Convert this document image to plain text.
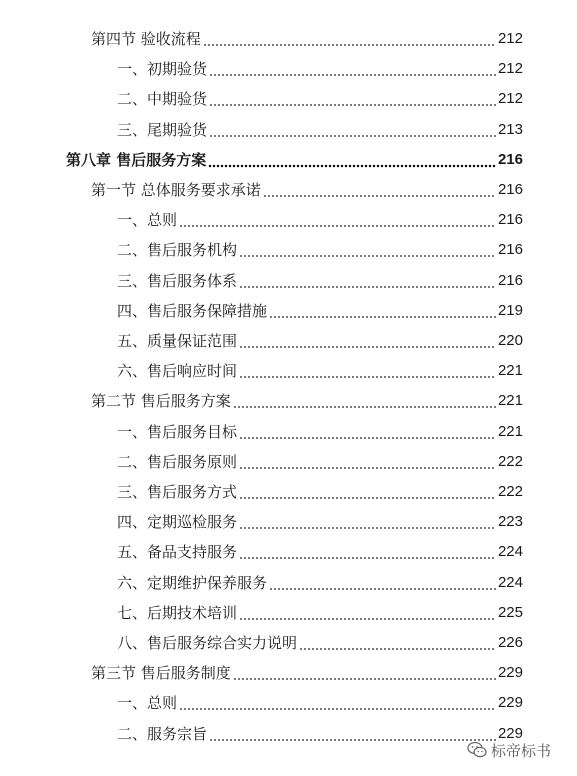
第四节 验收流程	212
一、初期验货	212
二、中期验货	212
三、尾期验货	213
第八章 售后服务方案	216
第一节 总体服务要求承诺	216
一、总则	216
二、售后服务机构	216
三、售后服务体系	216
四、售后服务保障措施	219
五、质量保证范围	220
六、售后响应时间	221
第二节 售后服务方案	221
一、售后服务目标	221
二、售后服务原则	222
三、售后服务方式	222
四、定期巡检服务	223
五、备品支持服务	224
六、定期维护保养服务	224
七、后期技术培训	225
八、售后服务综合实力说明	226
第三节 售后服务制度	229
一、总则	229
二、服务宗旨	229
标帝标书
